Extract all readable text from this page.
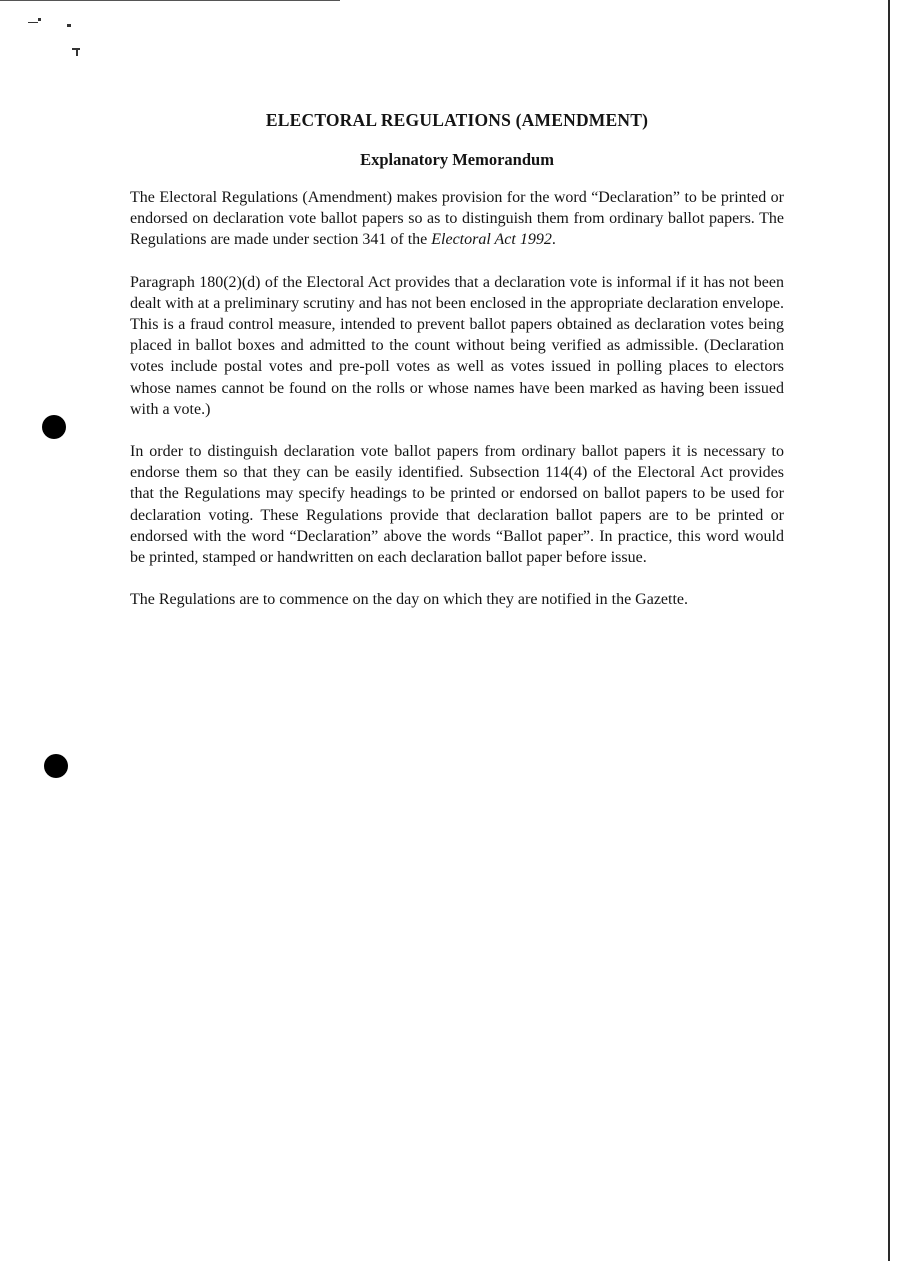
ELECTORAL REGULATIONS (AMENDMENT)
Explanatory Memorandum

The Electoral Regulations (Amendment) makes provision for the word “Declaration” to be printed or endorsed on declaration vote ballot papers so as to distinguish them from ordinary ballot papers. The Regulations are made under section 341 of the Electoral Act 1992.

Paragraph 180(2)(d) of the Electoral Act provides that a declaration vote is informal if it has not been dealt with at a preliminary scrutiny and has not been enclosed in the appropriate declaration envelope. This is a fraud control measure, intended to prevent ballot papers obtained as declaration votes being placed in ballot boxes and admitted to the count without being verified as admissible. (Declaration votes include postal votes and pre-poll votes as well as votes issued in polling places to electors whose names cannot be found on the rolls or whose names have been marked as having been issued with a vote.)

In order to distinguish declaration vote ballot papers from ordinary ballot papers it is necessary to endorse them so that they can be easily identified. Subsection 114(4) of the Electoral Act provides that the Regulations may specify headings to be printed or endorsed on ballot papers to be used for declaration voting. These Regulations provide that declaration ballot papers are to be printed or endorsed with the word “Declaration” above the words “Ballot paper”. In practice, this word would be printed, stamped or handwritten on each declaration ballot paper before issue.

The Regulations are to commence on the day on which they are notified in the Gazette.
